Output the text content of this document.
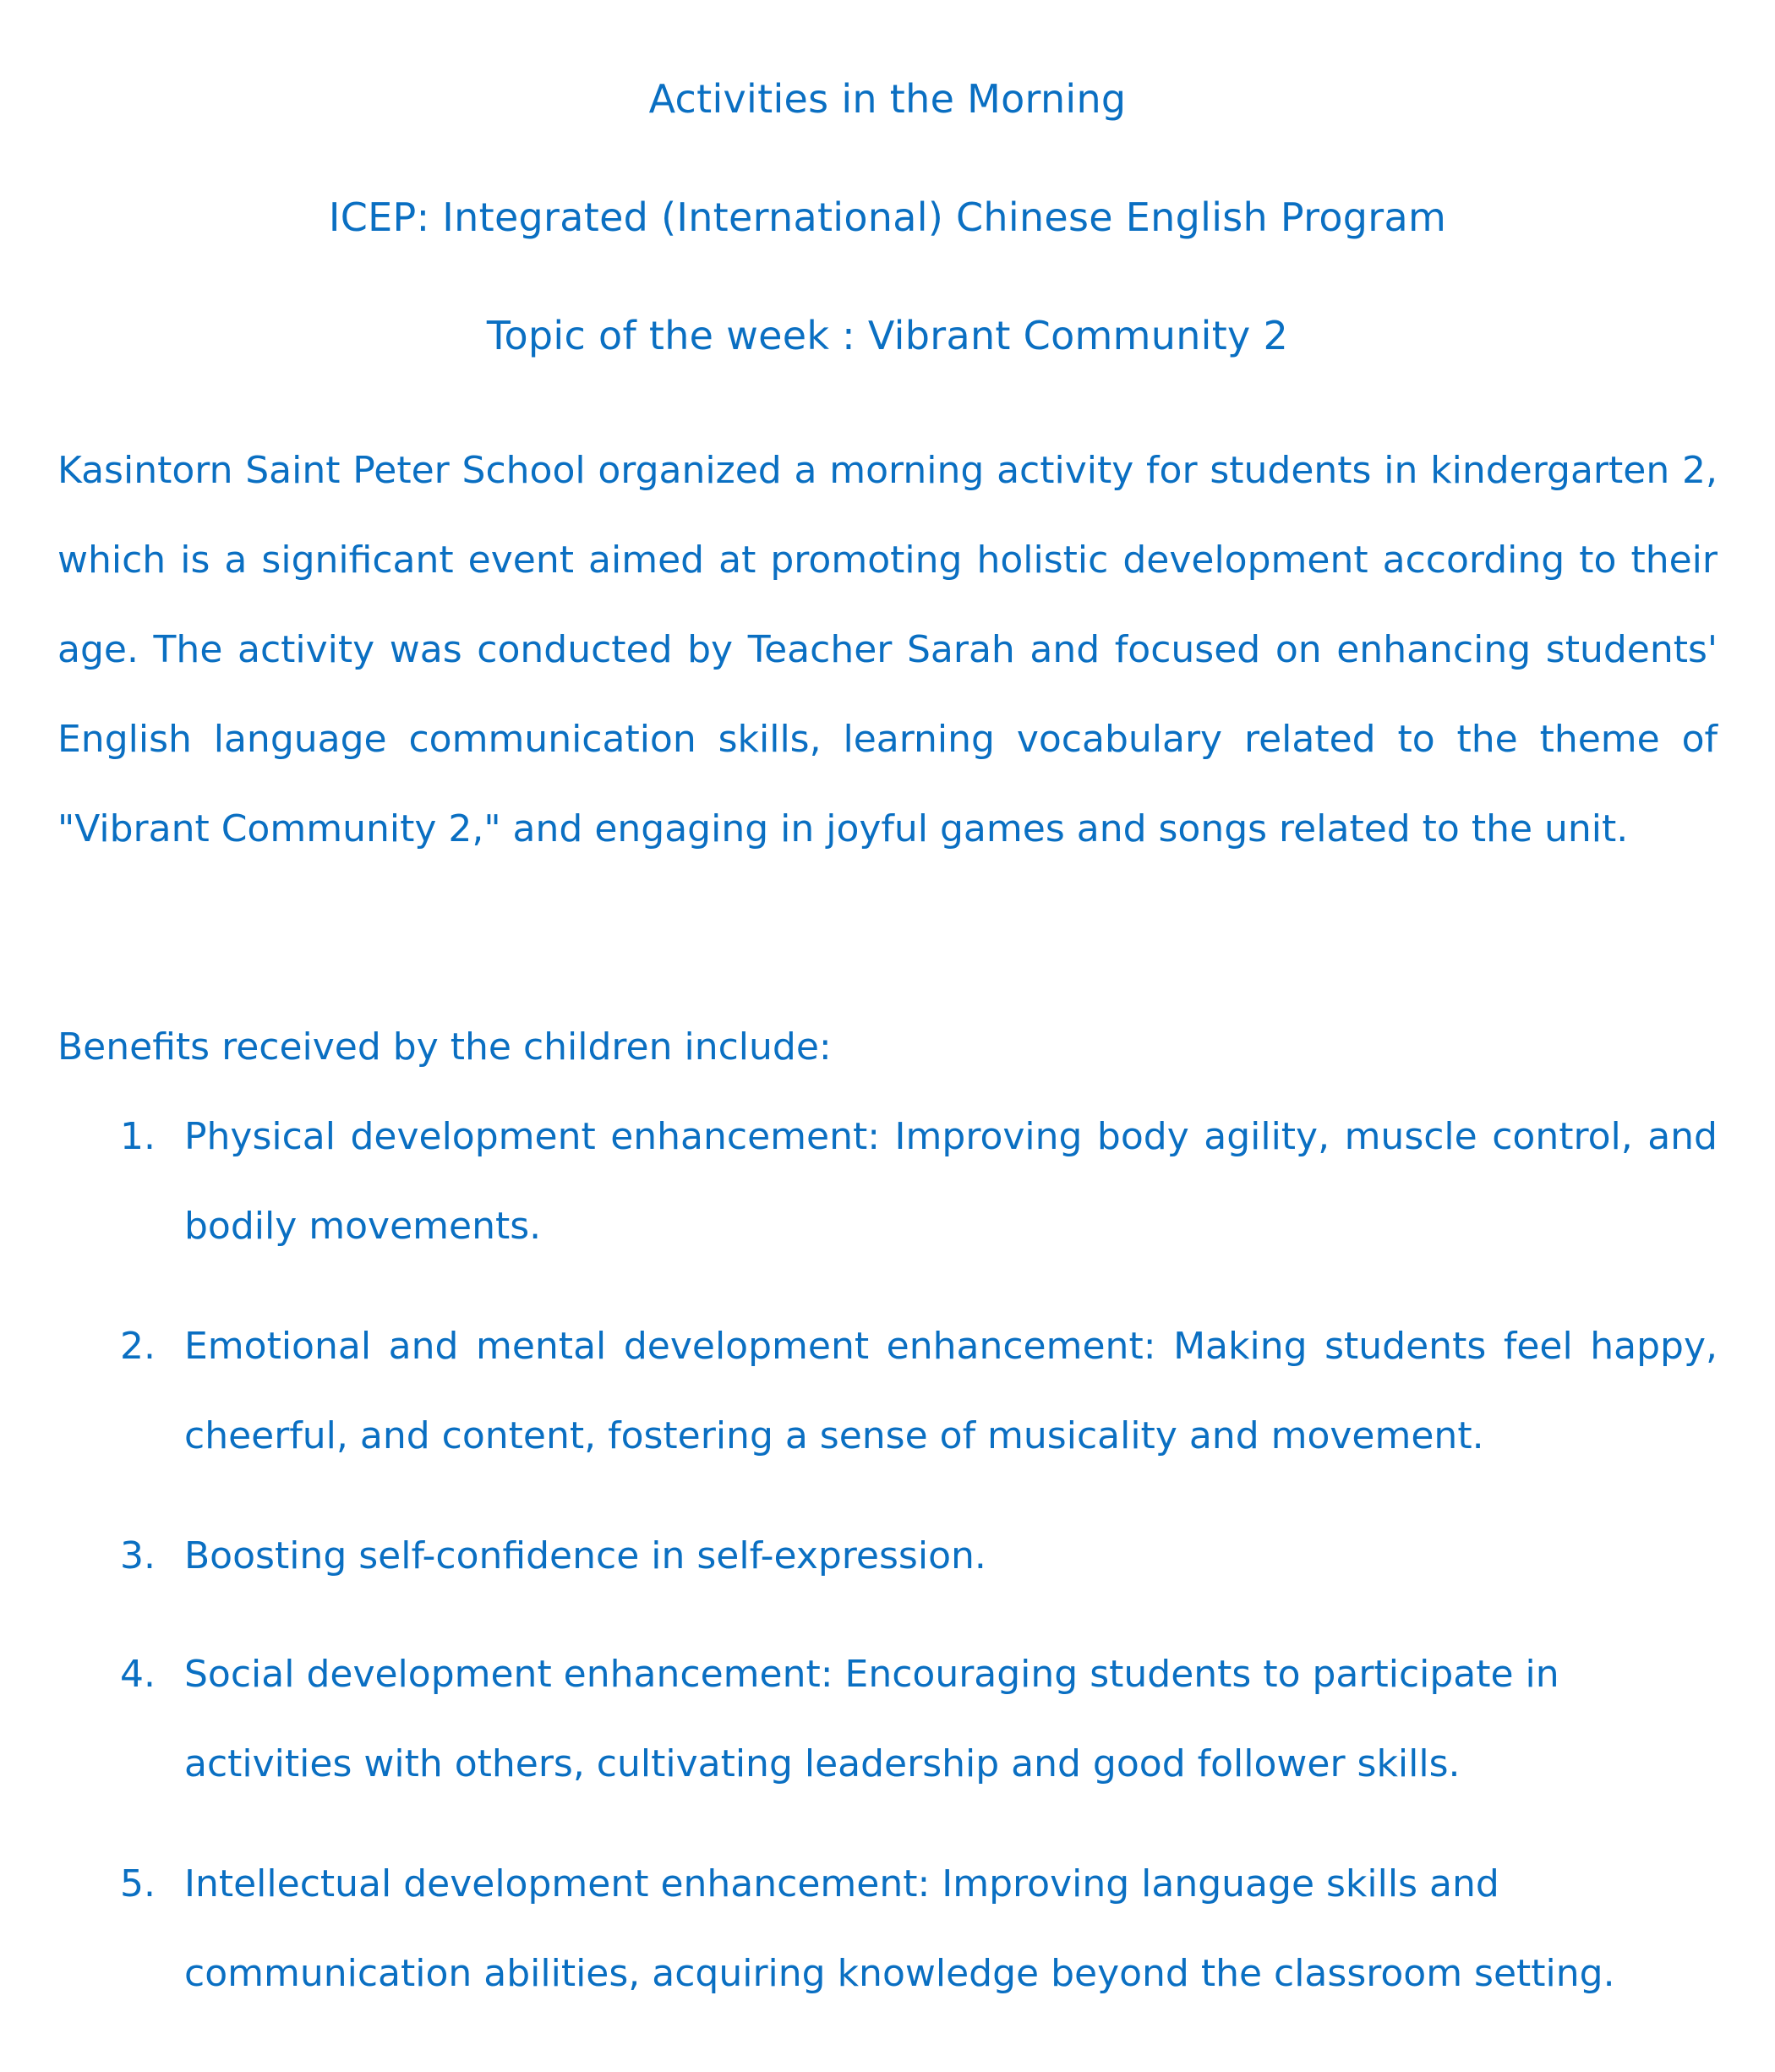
Activities in the Morning
ICEP: Integrated (International) Chinese English Program
Topic of the week : Vibrant Community 2

Kasintorn Saint Peter School organized a morning activity for students in kindergarten 2, which is a significant event aimed at promoting holistic development according to their age. The activity was conducted by Teacher Sarah and focused on enhancing students' English language communication skills, learning vocabulary related to the theme of "Vibrant Community 2," and engaging in joyful games and songs related to the unit.

Benefits received by the children include:

1. Physical development enhancement: Improving body agility, muscle control, and bodily movements.

2. Emotional and mental development enhancement: Making students feel happy, cheerful, and content, fostering a sense of musicality and movement.

3. Boosting self-confidence in self-expression.

4. Social development enhancement: Encouraging students to participate in activities with others, cultivating leadership and good follower skills.

5. Intellectual development enhancement: Improving language skills and communication abilities, acquiring knowledge beyond the classroom setting.
